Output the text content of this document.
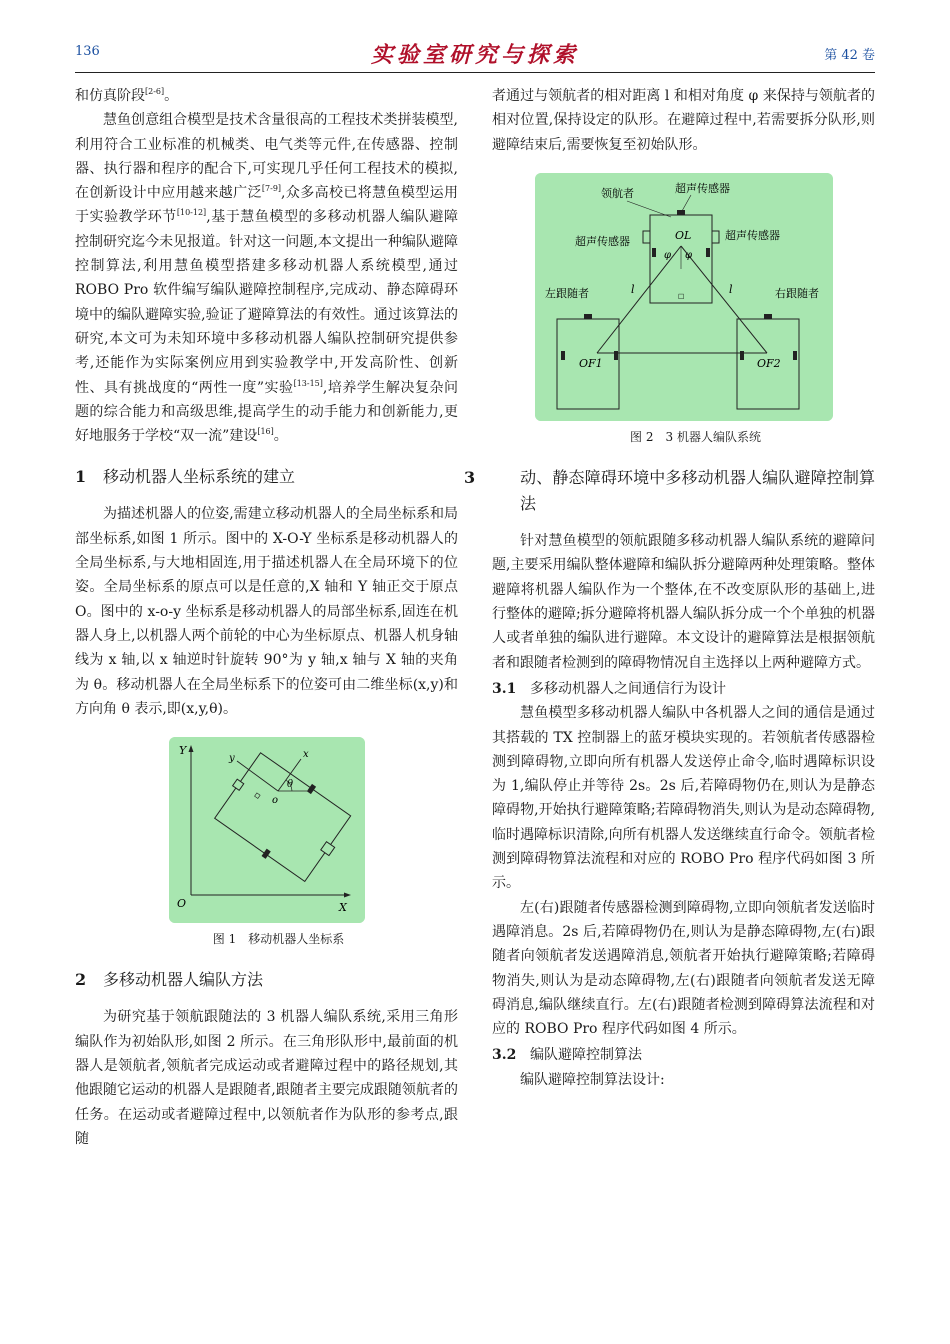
136	实验室研究与探索	第 42 卷

和仿真阶段[2-6]。

慧鱼创意组合模型是技术含量很高的工程技术类拼装模型,利用符合工业标准的机械类、电气类等元件,在传感器、控制器、执行器和程序的配合下,可实现几乎任何工程技术的模拟,在创新设计中应用越来越广泛[7-9],众多高校已将慧鱼模型运用于实验教学环节[10-12],基于慧鱼模型的多移动机器人编队避障控制研究迄今未见报道。针对这一问题,本文提出一种编队避障控制算法,利用慧鱼模型搭建多移动机器人系统模型,通过 ROBO Pro 软件编写编队避障控制程序,完成动、静态障碍环境中的编队避障实验,验证了避障算法的有效性。通过该算法的研究,本文可为未知环境中多移动机器人编队控制研究提供参考,还能作为实际案例应用到实验教学中,开发高阶性、创新性、具有挑战度的“两性一度”实验[13-15],培养学生解决复杂问题的综合能力和高级思维,提高学生的动手能力和创新能力,更好地服务于学校“双一流”建设[16]。

1 移动机器人坐标系统的建立

为描述机器人的位姿,需建立移动机器人的全局坐标系和局部坐标系,如图 1 所示。图中的 X-O-Y 坐标系是移动机器人的全局坐标系,与大地相固连,用于描述机器人在全局环境下的位姿。全局坐标系的原点可以是任意的,X 轴和 Y 轴正交于原点 O。图中的 x-o-y 坐标系是移动机器人的局部坐标系,固连在机器人身上,以机器人两个前轮的中心为坐标原点、机器人机身轴线为 x 轴,以 x 轴逆时针旋转 90°为 y 轴,x 轴与 X 轴的夹角为 θ。移动机器人在全局坐标系下的位姿可由二维坐标(x,y)和方向角 θ 表示,即(x,y,θ)。

Y
X
O
x
y
o
θ

图 1　移动机器人坐标系

2 多移动机器人编队方法

为研究基于领航跟随法的 3 机器人编队系统,采用三角形编队作为初始队形,如图 2 所示。在三角形队形中,最前面的机器人是领航者,领航者完成运动或者避障过程中的路径规划,其他跟随它运动的机器人是跟随者,跟随者主要完成跟随领航者的任务。在运动或者避障过程中,以领航者作为队形的参考点,跟随

者通过与领航者的相对距离 l 和相对角度 φ 来保持与领航者的相对位置,保持设定的队形。在避障过程中,若需要拆分队形,则避障结束后,需要恢复至初始队形。

☐
领航者	超声传感器
超声传感器	超声传感器
左跟随者	右跟随者
OL
OF1	OF2
l	l
φ φ

图 2　3 机器人编队系统

3	动、静态障碍环境中多移动机器人编队避障控制算法

针对慧鱼模型的领航跟随多移动机器人编队系统的避障问题,主要采用编队整体避障和编队拆分避障两种处理策略。整体避障将机器人编队作为一个整体,在不改变原队形的基础上,进行整体的避障;拆分避障将机器人编队拆分成一个个单独的机器人或者单独的编队进行避障。本文设计的避障算法是根据领航者和跟随者检测到的障碍物情况自主选择以上两种避障方式。

3.1 多移动机器人之间通信行为设计

慧鱼模型多移动机器人编队中各机器人之间的通信是通过其搭载的 TX 控制器上的蓝牙模块实现的。若领航者传感器检测到障碍物,立即向所有机器人发送停止命令,临时遇障标识设为 1,编队停止并等待 2s。2s 后,若障碍物仍在,则认为是静态障碍物,开始执行避障策略;若障碍物消失,则认为是动态障碍物,临时遇障标识清除,向所有机器人发送继续直行命令。领航者检测到障碍物算法流程和对应的 ROBO Pro 程序代码如图 3 所示。

左(右)跟随者传感器检测到障碍物,立即向领航者发送临时遇障消息。2s 后,若障碍物仍在,则认为是静态障碍物,左(右)跟随者向领航者发送遇障消息,领航者开始执行避障策略;若障碍物消失,则认为是动态障碍物,左(右)跟随者向领航者发送无障碍消息,编队继续直行。左(右)跟随者检测到障碍算法流程和对应的 ROBO Pro 程序代码如图 4 所示。

3.2 编队避障控制算法

编队避障控制算法设计:
